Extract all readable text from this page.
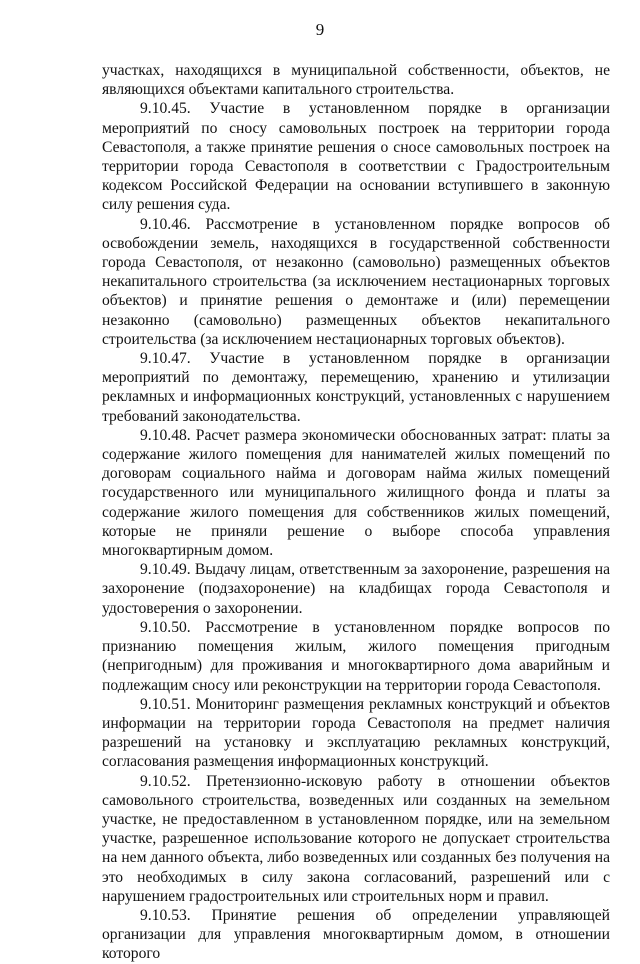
9

участках, находящихся в муниципальной собственности, объектов, не являющихся объектами капитального строительства.

9.10.45. Участие в установленном порядке в организации мероприятий по сносу самовольных построек на территории города Севастополя, а также принятие решения о сносе самовольных построек на территории города Севастополя в соответствии с Градостроительным кодексом Российской Федерации на основании вступившего в законную силу решения суда.

9.10.46. Рассмотрение в установленном порядке вопросов об освобождении земель, находящихся в государственной собственности города Севастополя, от незаконно (самовольно) размещенных объектов некапитального строительства (за исключением нестационарных торговых объектов) и принятие решения о демонтаже и (или) перемещении незаконно (самовольно) размещенных объектов некапитального строительства (за исключением нестационарных торговых объектов).

9.10.47. Участие в установленном порядке в организации мероприятий по демонтажу, перемещению, хранению и утилизации рекламных и информационных конструкций, установленных с нарушением требований законодательства.

9.10.48. Расчет размера экономически обоснованных затрат: платы за содержание жилого помещения для нанимателей жилых помещений по договорам социального найма и договорам найма жилых помещений государственного или муниципального жилищного фонда и платы за содержание жилого помещения для собственников жилых помещений, которые не приняли решение о выборе способа управления многоквартирным домом.

9.10.49. Выдачу лицам, ответственным за захоронение, разрешения на захоронение (подзахоронение) на кладбищах города Севастополя и удостоверения о захоронении.

9.10.50. Рассмотрение в установленном порядке вопросов по признанию помещения жилым, жилого помещения пригодным (непригодным) для проживания и многоквартирного дома аварийным и подлежащим сносу или реконструкции на территории города Севастополя.

9.10.51. Мониторинг размещения рекламных конструкций и объектов информации на территории города Севастополя на предмет наличия разрешений на установку и эксплуатацию рекламных конструкций, согласования размещения информационных конструкций.

9.10.52. Претензионно-исковую работу в отношении объектов самовольного строительства, возведенных или созданных на земельном участке, не предоставленном в установленном порядке, или на земельном участке, разрешенное использование которого не допускает строительства на нем данного объекта, либо возведенных или созданных без получения на это необходимых в силу закона согласований, разрешений или с нарушением градостроительных или строительных норм и правил.

9.10.53. Принятие решения об определении управляющей организации для управления многоквартирным домом, в отношении которого
